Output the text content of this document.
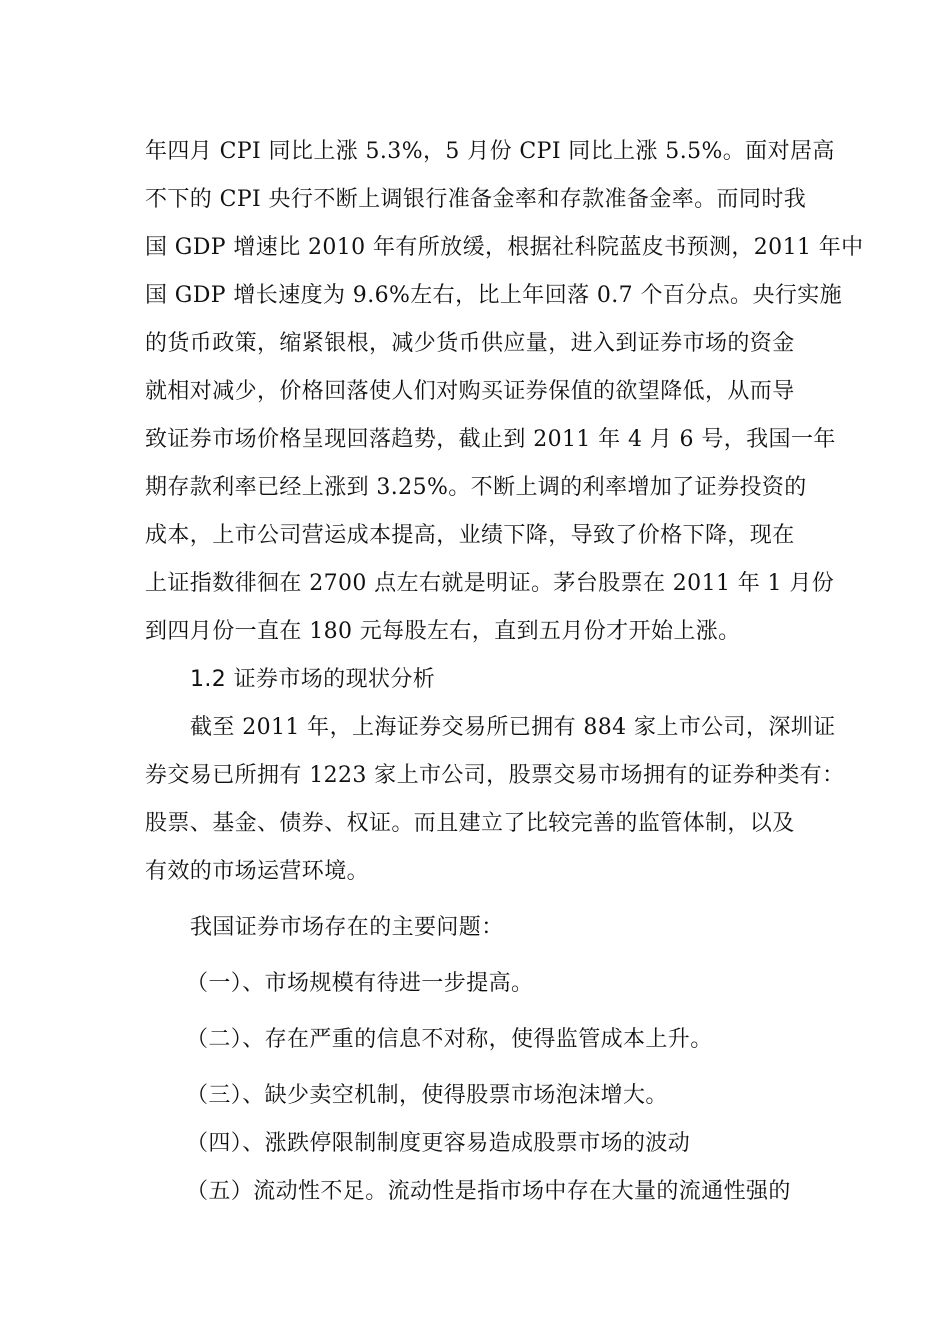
年四月 CPI 同比上涨 5.3%，5 月份 CPI 同比上涨 5.5%。面对居高
不下的 CPI 央行不断上调银行准备金率和存款准备金率。而同时我
国 GDP 增速比 2010 年有所放缓，根据社科院蓝皮书预测，2011 年中
国 GDP 增长速度为 9.6%左右，比上年回落 0.7 个百分点。央行实施
的货币政策，缩紧银根，减少货币供应量，进入到证券市场的资金
就相对减少，价格回落使人们对购买证券保值的欲望降低，从而导
致证券市场价格呈现回落趋势，截止到 2011 年 4 月 6 号，我国一年
期存款利率已经上涨到 3.25%。不断上调的利率增加了证券投资的
成本，上市公司营运成本提高，业绩下降，导致了价格下降，现在
上证指数徘徊在 2700 点左右就是明证。茅台股票在 2011 年 1 月份
到四月份一直在 180 元每股左右，直到五月份才开始上涨。
1.2 证券市场的现状分析
截至 2011 年，上海证券交易所已拥有 884 家上市公司，深圳证
券交易已所拥有 1223 家上市公司，股票交易市场拥有的证券种类有：
股票、基金、债券、权证。而且建立了比较完善的监管体制，以及
有效的市场运营环境。
我国证券市场存在的主要问题：
（一）、市场规模有待进一步提高。
（二）、存在严重的信息不对称，使得监管成本上升。
（三）、缺少卖空机制，使得股票市场泡沫增大。
（四）、涨跌停限制制度更容易造成股票市场的波动
（五）流动性不足。流动性是指市场中存在大量的流通性强的
